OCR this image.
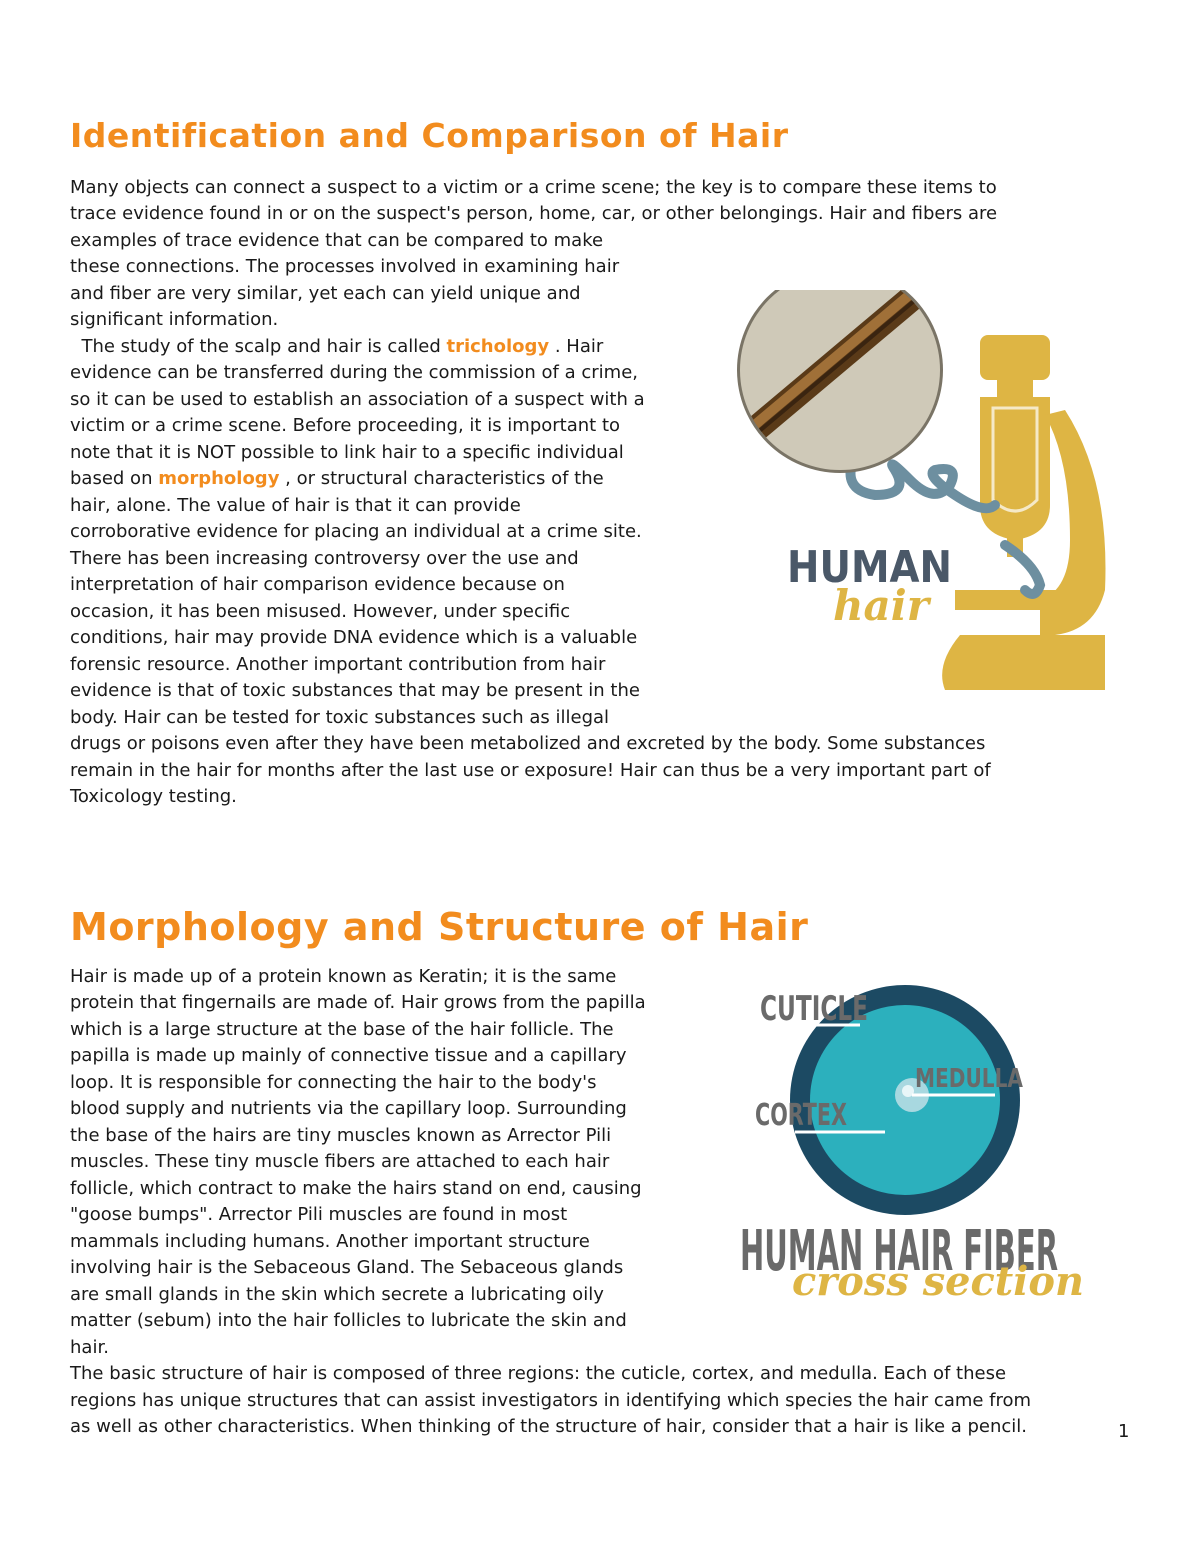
Identification and Comparison of Hair
Many objects can connect a suspect to a victim or a crime scene; the key is to compare these items to
trace evidence found in or on the suspect's person, home, car, or other belongings. Hair and fibers are
examples of trace evidence that can be compared to make
these connections. The processes involved in examining hair
and fiber are very similar, yet each can yield unique and
significant information.
The study of the scalp and hair is called trichology . Hair
evidence can be transferred during the commission of a crime,
so it can be used to establish an association of a suspect with a
victim or a crime scene. Before proceeding, it is important to
note that it is NOT possible to link hair to a specific individual
based on morphology , or structural characteristics of the
hair, alone. The value of hair is that it can provide
corroborative evidence for placing an individual at a crime site.
There has been increasing controversy over the use and
interpretation of hair comparison evidence because on
occasion, it has been misused. However, under specific
conditions, hair may provide DNA evidence which is a valuable
forensic resource. Another important contribution from hair
evidence is that of toxic substances that may be present in the
body. Hair can be tested for toxic substances such as illegal
drugs or poisons even after they have been metabolized and excreted by the body. Some substances
remain in the hair for months after the last use or exposure! Hair can thus be a very important part of
Toxicology testing.
HUMAN
hair
Morphology and Structure of Hair
Hair is made up of a protein known as Keratin; it is the same
protein that fingernails are made of. Hair grows from the papilla
which is a large structure at the base of the hair follicle. The
papilla is made up mainly of connective tissue and a capillary
loop. It is responsible for connecting the hair to the body's
blood supply and nutrients via the capillary loop. Surrounding
the base of the hairs are tiny muscles known as Arrector Pili
muscles. These tiny muscle fibers are attached to each hair
follicle, which contract to make the hairs stand on end, causing
"goose bumps". Arrector Pili muscles are found in most
mammals including humans. Another important structure
involving hair is the Sebaceous Gland. The Sebaceous glands
are small glands in the skin which secrete a lubricating oily
matter (sebum) into the hair follicles to lubricate the skin and
hair.
The basic structure of hair is composed of three regions: the cuticle, cortex, and medulla. Each of these
regions has unique structures that can assist investigators in identifying which species the hair came from
as well as other characteristics. When thinking of the structure of hair, consider that a hair is like a pencil.
CUTICLE
MEDULLA
CORTEX
HUMAN HAIR FIBER
cross section
1
